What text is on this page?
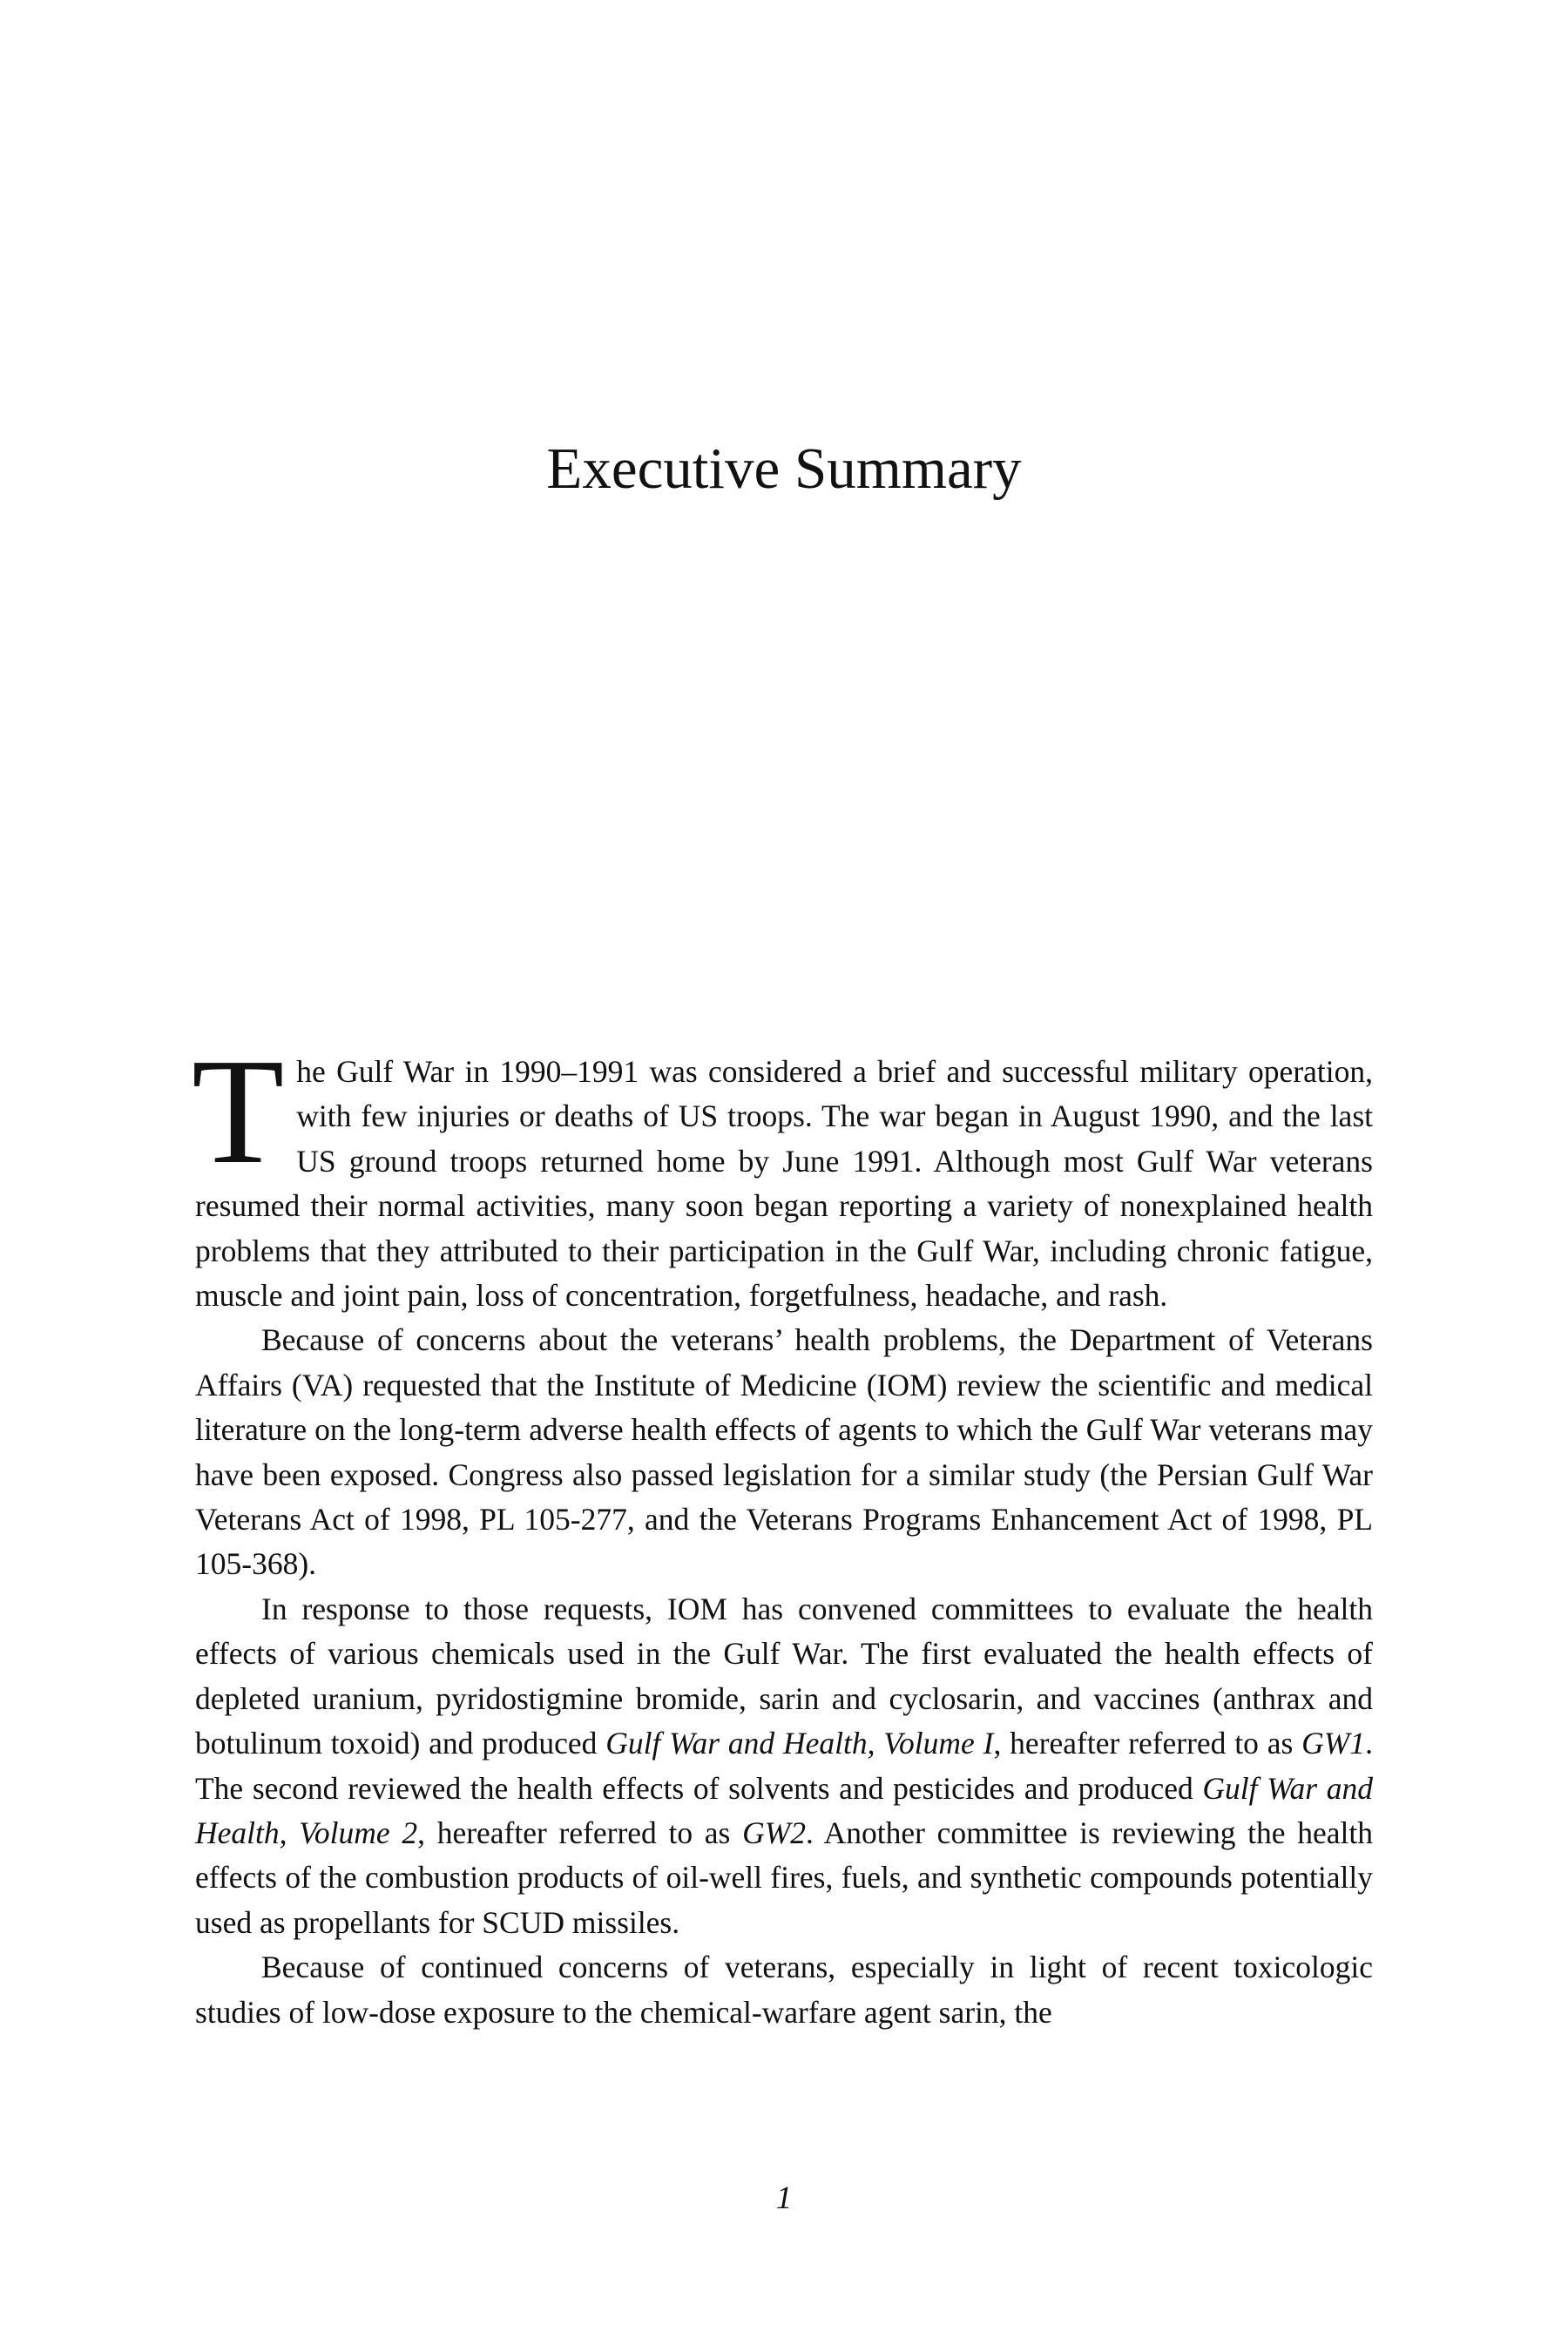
Executive Summary

The Gulf War in 1990–1991 was considered a brief and successful military operation, with few injuries or deaths of US troops. The war began in August 1990, and the last US ground troops returned home by June 1991. Although most Gulf War veterans resumed their normal activities, many soon began reporting a variety of nonexplained health problems that they attributed to their participation in the Gulf War, including chronic fatigue, muscle and joint pain, loss of concentration, forgetfulness, headache, and rash.

Because of concerns about the veterans’ health problems, the Department of Veterans Affairs (VA) requested that the Institute of Medicine (IOM) review the scientific and medical literature on the long-term adverse health effects of agents to which the Gulf War veterans may have been exposed. Congress also passed legislation for a similar study (the Persian Gulf War Veterans Act of 1998, PL 105-277, and the Veterans Programs Enhancement Act of 1998, PL 105-368).

In response to those requests, IOM has convened committees to evaluate the health effects of various chemicals used in the Gulf War. The first evaluated the health effects of depleted uranium, pyridostigmine bromide, sarin and cyclosarin, and vaccines (anthrax and botulinum toxoid) and produced Gulf War and Health, Volume I, hereafter referred to as GW1. The second reviewed the health effects of solvents and pesticides and produced Gulf War and Health, Volume 2, hereafter referred to as GW2. Another committee is reviewing the health effects of the combustion products of oil-well fires, fuels, and synthetic compounds potentially used as propellants for SCUD missiles.

Because of continued concerns of veterans, especially in light of recent toxicologic studies of low-dose exposure to the chemical-warfare agent sarin, the

1
